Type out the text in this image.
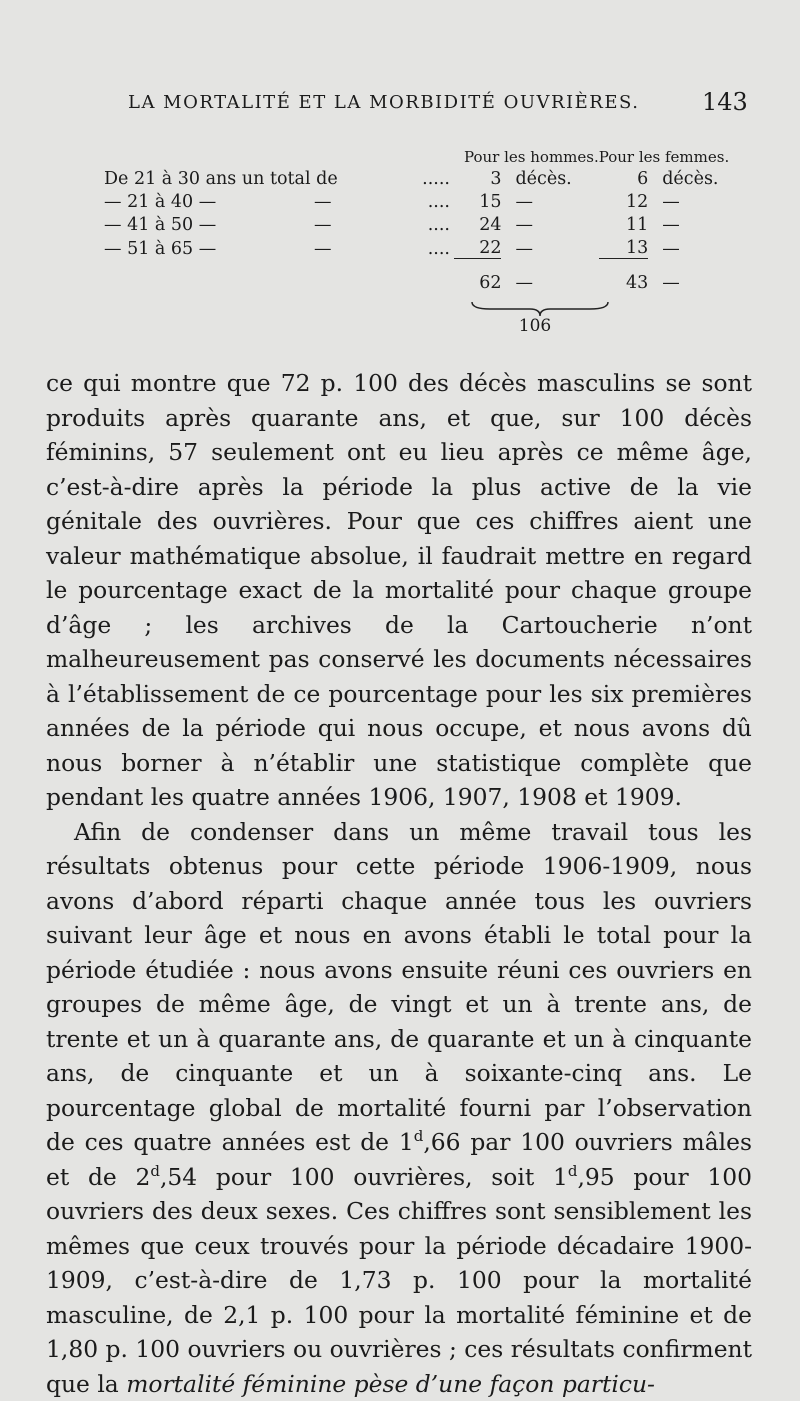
LA MORTALITÉ ET LA MORBIDITÉ OUVRIÈRES.	143
			Pour les hommes.		Pour les femmes.	
De 21 à 30 ans un total de		.....	3	décès.	6	décès.
— 21 à 40 —	—	....	15	—	12	—
— 41 à 50 —	—	....	24	—	11	—
— 51 à 65 —	—	....	22	—	13	—
			62	—	43	—
106

ce qui montre que 72 p. 100 des décès masculins se sont produits après quarante ans, et que, sur 100 décès féminins, 57 seulement ont eu lieu après ce même âge, c’est-à-dire après la période la plus active de la vie génitale des ouvrières. Pour que ces chiffres aient une valeur mathématique absolue, il faudrait mettre en regard le pourcentage exact de la mortalité pour chaque groupe d’âge ; les archives de la Cartoucherie n’ont malheureusement pas conservé les documents nécessaires à l’établissement de ce pourcentage pour les six premières années de la période qui nous occupe, et nous avons dû nous borner à n’établir une statistique complète que pendant les quatre années 1906, 1907, 1908 et 1909.

Afin de condenser dans un même travail tous les résultats obtenus pour cette période 1906-1909, nous avons d’abord réparti chaque année tous les ouvriers suivant leur âge et nous en avons établi le total pour la période étudiée : nous avons ensuite réuni ces ouvriers en groupes de même âge, de vingt et un à trente ans, de trente et un à quarante ans, de quarante et un à cinquante ans, de cinquante et un à soixante-cinq ans. Le pourcentage global de mortalité fourni par l’observation de ces quatre années est de 1$^d$,66 par 100 ouvriers mâles et de 2$^d$,54 pour 100 ouvrières, soit 1$^d$,95 pour 100 ouvriers des deux sexes. Ces chiffres sont sensiblement les mêmes que ceux trouvés pour la période décadaire 1900-1909, c’est-à-dire de 1,73 p. 100 pour la mortalité masculine, de 2,1 p. 100 pour la mortalité féminine et de 1,80 p. 100 ouvriers ou ouvrières ; ces résultats confirment que la mortalité féminine pèse d’une façon particu-
